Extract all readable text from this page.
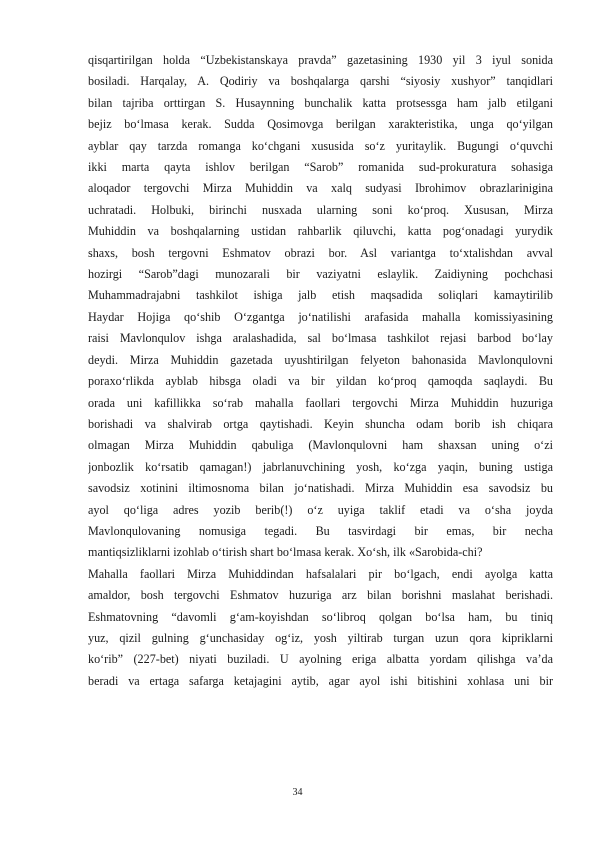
qisqartirilgan holda “Uzbekistanskaya pravda” gazetasining 1930 yil 3 iyul sonida
bosiladi. Harqalay, A. Qodiriy va boshqalarga qarshi “siyosiy xushyor” tanqidlari
bilan tajriba orttirgan S. Husaynning bunchalik katta protsessga ham jalb etilgani
bejiz bo‘lmasa kerak. Sudda Qosimovga berilgan xarakteristika, unga qo‘yilgan
ayblar qay tarzda romanga ko‘chgani xususida so‘z yuritaylik. Bugungi o‘quvchi
ikki marta qayta ishlov berilgan “Sarob” romanida sud-prokuratura sohasiga
aloqador tergovchi Mirza Muhiddin va xalq sudyasi Ibrohimov obrazlarinigina
uchratadi. Holbuki, birinchi nusxada ularning soni ko‘proq. Xususan, Mirza
Muhiddin va boshqalarning ustidan rahbarlik qiluvchi, katta pog‘onadagi yurydik
shaxs, bosh tergovni Eshmatov obrazi bor. Asl variantga to‘xtalishdan avval
hozirgi “Sarob”dagi munozarali bir vaziyatni eslaylik. Zaidiyning pochchasi
Muhammadrajabni tashkilot ishiga jalb etish maqsadida soliqlari kamaytirilib
Haydar Hojiga qo‘shib O‘zgantga jo‘natilishi arafasida mahalla komissiyasining
raisi Mavlonqulov ishga aralashadida, sal bo‘lmasa tashkilot rejasi barbod bo‘lay
deydi. Mirza Muhiddin gazetada uyushtirilgan felyeton bahonasida Mavlonqulovni
poraxo‘rlikda ayblab hibsga oladi va bir yildan ko‘proq qamoqda saqlaydi. Bu
orada uni kafillikka so‘rab mahalla faollari tergovchi Mirza Muhiddin huzuriga
borishadi va shalvirab ortga qaytishadi. Keyin shuncha odam borib ish chiqara
olmagan Mirza Muhiddin qabuliga (Mavlonqulovni ham shaxsan uning o‘zi
jonbozlik ko‘rsatib qamagan!) jabrlanuvchining yosh, ko‘zga yaqin, buning ustiga
savodsiz xotinini iltimosnoma bilan jo‘natishadi. Mirza Muhiddin esa savodsiz bu
ayol qo‘liga adres yozib berib(!) o‘z uyiga taklif etadi va o‘sha joyda
Mavlonqulovaning nomusiga tegadi. Bu tasvirdagi bir emas, bir necha
mantiqsizliklarni izohlab o‘tirish shart bo‘lmasa kerak. Xo‘sh, ilk «Sarobida-chi?
Mahalla faollari Mirza Muhiddindan hafsalalari pir bo‘lgach, endi ayolga katta
amaldor, bosh tergovchi Eshmatov huzuriga arz bilan borishni maslahat berishadi.
Eshmatovning “davomli g‘am-koyishdan so‘libroq qolgan bo‘lsa ham, bu tiniq
yuz, qizil gulning g‘unchasiday og‘iz, yosh yiltirab turgan uzun qora kipriklarni
ko‘rib” (227-bet) niyati buziladi. U ayolning eriga albatta yordam qilishga va’da
beradi va ertaga safarga ketajagini aytib, agar ayol ishi bitishini xohlasa uni bir
34
